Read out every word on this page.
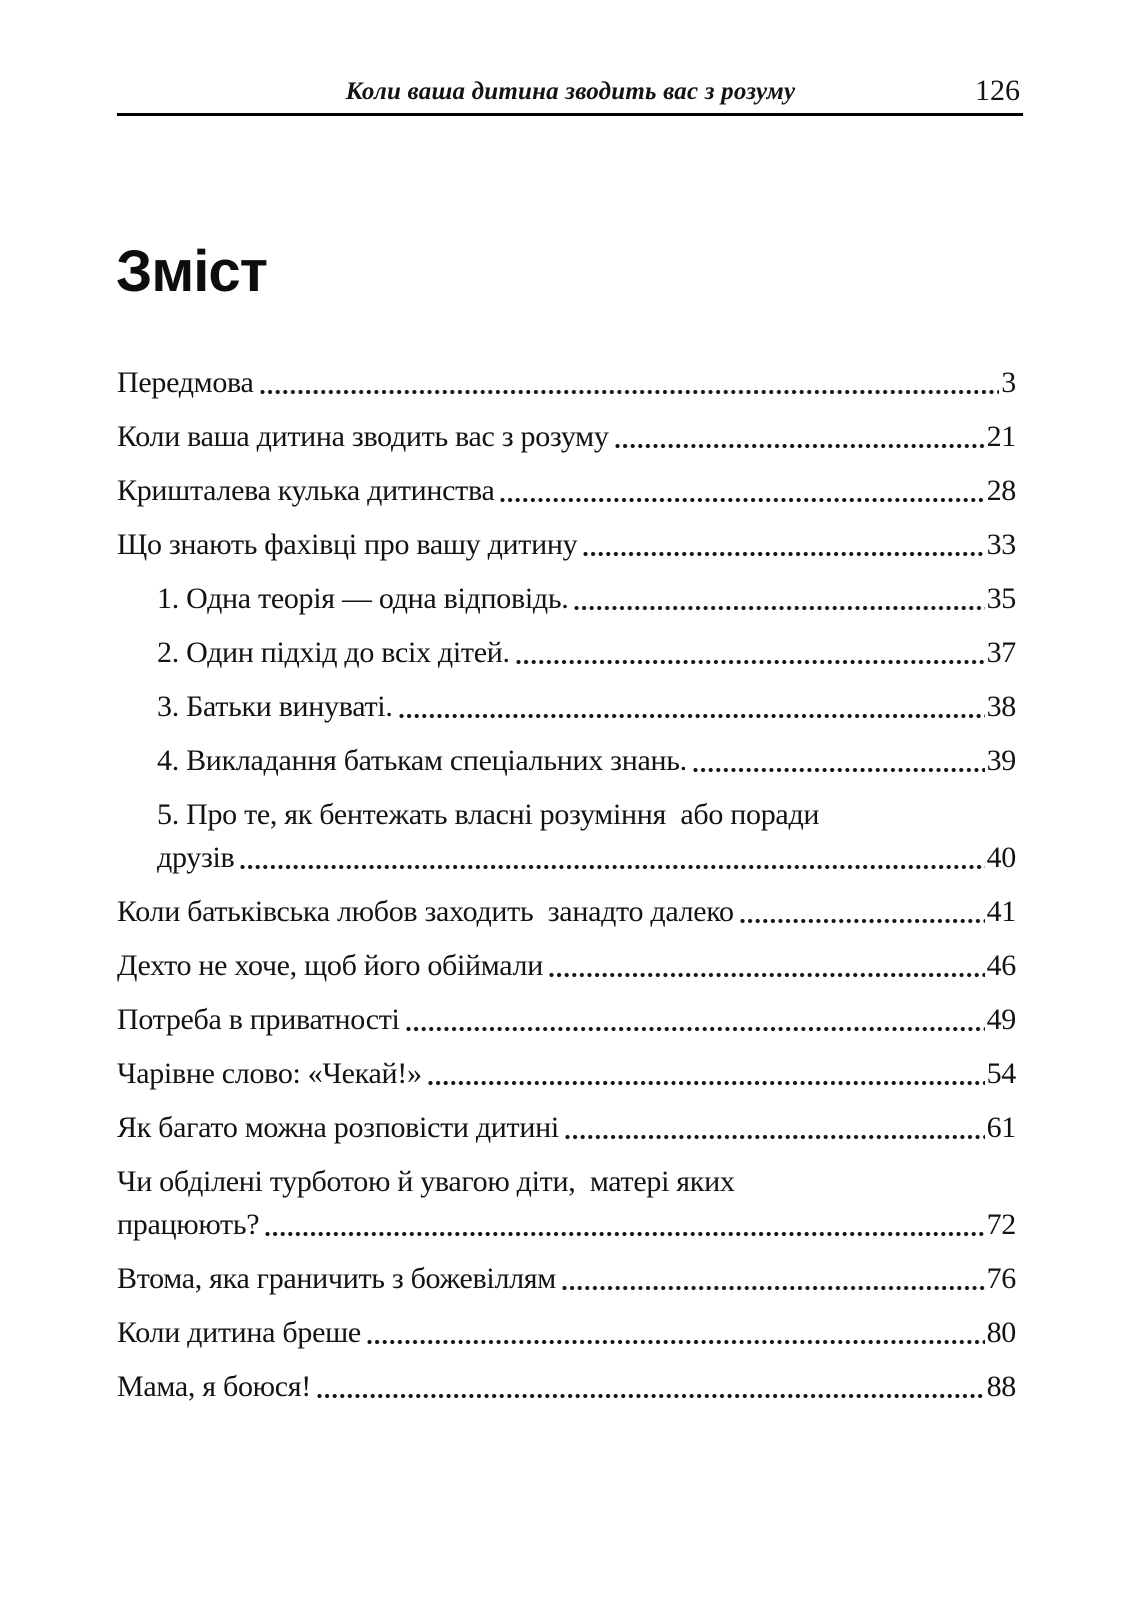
Коли ваша дитина зводить вас з розуму	126
Зміст
Передмова	3
Коли ваша дитина зводить вас з розуму	21
Кришталева кулька дитинства	28
Що знають фахівці про вашу дитину	33
1. Одна теорія — одна відповідь.	35
2. Один підхід до всіх дітей.	37
3. Батьки винуваті.	38
4. Викладання батькам спеціальних знань.	39
5. Про те, як бентежать власні розуміння  або поради
друзів	40
Коли батьківська любов заходить  занадто далеко	41
Дехто не хоче, щоб його обіймали	46
Потреба в приватності	49
Чарівне слово: «Чекай!»	54
Як багато можна розповісти дитині	61
Чи обділені турботою й увагою діти,  матері яких
працюють?	72
Втома, яка граничить з божевіллям	76
Коли дитина бреше	80
Мама, я боюся!	88
